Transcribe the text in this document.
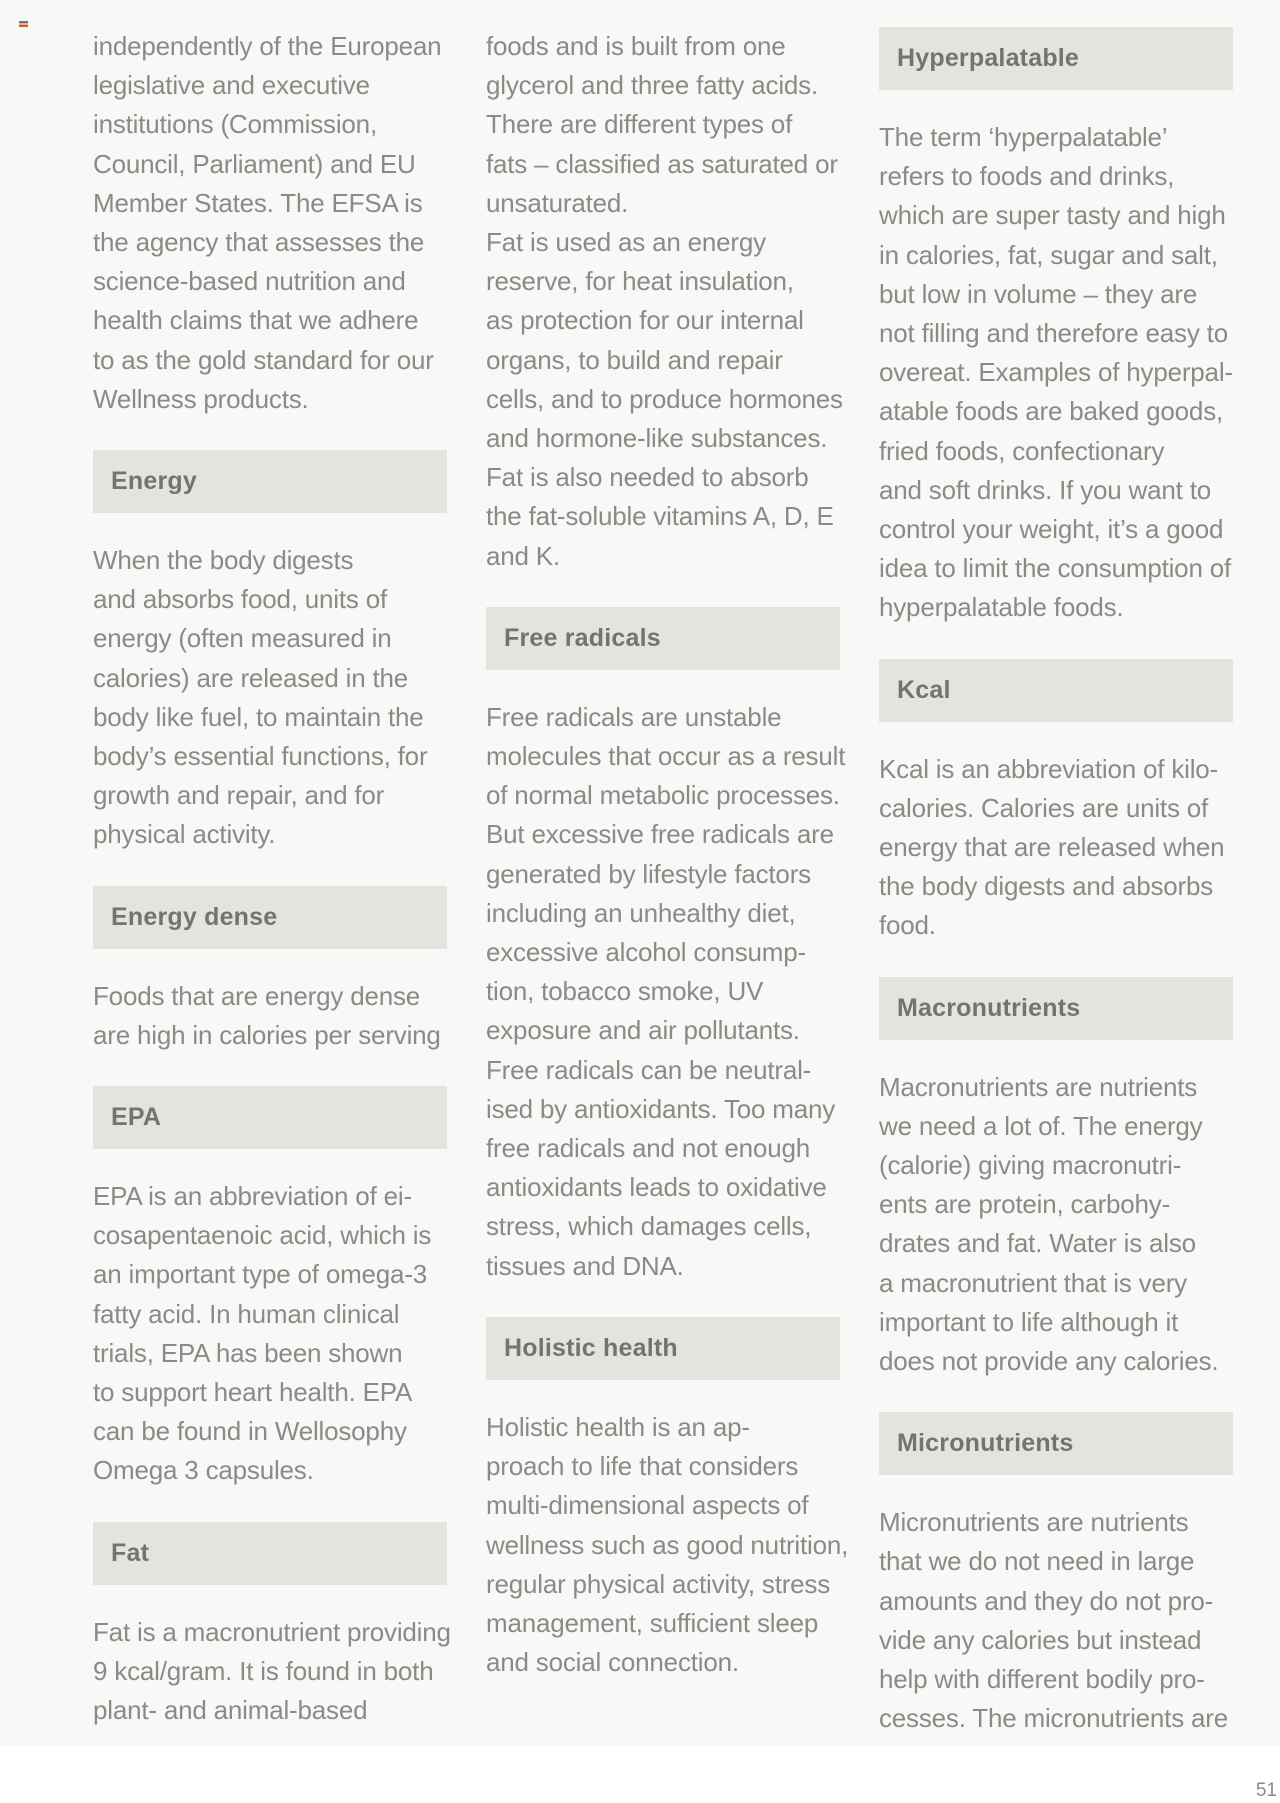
independently of the European
legislative and executive
institutions (Commission,
Council, Parliament) and EU
Member States. The EFSA is
the agency that assesses the
science-based nutrition and
health claims that we adhere
to as the gold standard for our
Wellness products.

Energy

When the body digests
and absorbs food, units of
energy (often measured in
calories) are released in the
body like fuel, to maintain the
body’s essential functions, for
growth and repair, and for
physical activity.

Energy dense

Foods that are energy dense
are high in calories per serving

EPA

EPA is an abbreviation of ei-
cosapentaenoic acid, which is
an important type of omega-3
fatty acid. In human clinical
trials, EPA has been shown
to support heart health. EPA
can be found in Wellosophy
Omega 3 capsules.

Fat

Fat is a macronutrient providing
9 kcal/gram. It is found in both
plant- and animal-based

foods and is built from one
glycerol and three fatty acids.
There are different types of
fats – classified as saturated or
unsaturated.
Fat is used as an energy
reserve, for heat insulation,
as protection for our internal
organs, to build and repair
cells, and to produce hormones
and hormone-like substances.
Fat is also needed to absorb
the fat-soluble vitamins A, D, E
and K.

Free radicals

Free radicals are unstable
molecules that occur as a result
of normal metabolic processes.
But excessive free radicals are
generated by lifestyle factors
including an unhealthy diet,
excessive alcohol consump-
tion, tobacco smoke, UV
exposure and air pollutants.
Free radicals can be neutral-
ised by antioxidants. Too many
free radicals and not enough
antioxidants leads to oxidative
stress, which damages cells,
tissues and DNA.

Holistic health

Holistic health is an ap-
proach to life that considers
multi-dimensional aspects of
wellness such as good nutrition,
regular physical activity, stress
management, sufficient sleep
and social connection.

Hyperpalatable

The term ‘hyperpalatable’
refers to foods and drinks,
which are super tasty and high
in calories, fat, sugar and salt,
but low in volume – they are
not filling and therefore easy to
overeat. Examples of hyperpal-
atable foods are baked goods,
fried foods, confectionary
and soft drinks. If you want to
control your weight, it’s a good
idea to limit the consumption of
hyperpalatable foods.

Kcal

Kcal is an abbreviation of kilo-
calories. Calories are units of
energy that are released when
the body digests and absorbs
food.

Macronutrients

Macronutrients are nutrients
we need a lot of. The energy
(calorie) giving macronutri-
ents are protein, carbohy-
drates and fat. Water is also
a macronutrient that is very
important to life although it
does not provide any calories.

Micronutrients

Micronutrients are nutrients
that we do not need in large
amounts and they do not pro-
vide any calories but instead
help with different bodily pro-
cesses. The micronutrients are

51
